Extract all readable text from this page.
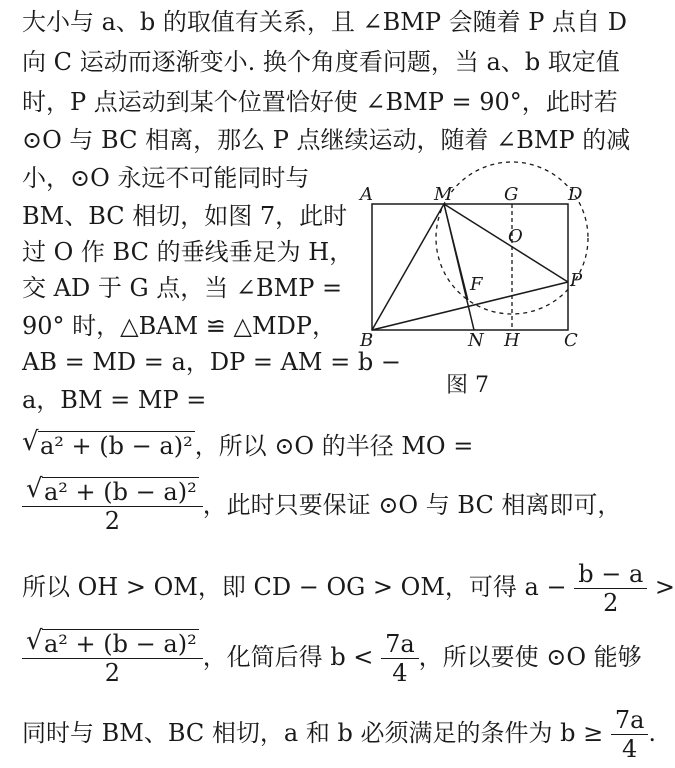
大小与 a、b 的取值有关系，且 ∠BMP 会随着 P 点自 D
向 C 运动而逐渐变小. 换个角度看问题，当 a、b 取定值
时，P 点运动到某个位置恰好使 ∠BMP = 90°，此时若
⊙O 与 BC 相离，那么 P 点继续运动，随着 ∠BMP 的减
小，⊙O 永远不可能同时与
BM、BC 相切，如图 7，此时
过 O 作 BC 的垂线垂足为 H，
交 AD 于 G 点，当 ∠BMP =
90° 时，△BAM ≌ △MDP，
AB = MD = a，DP = AM = b −
a，BM = MP =
√ a² + (b − a)²，所以 ⊙O 的半径 MO =
$\frac{\text{√ a² + (b − a)²}}{2}$ ，此时只要保证 ⊙O 与 BC 相离即可，
所以 OH > OM，即 CD − OG > OM，可得 $a - \frac{b - a}{2}$ >
$\frac{\text{√ a² + (b − a)²}}{2}$ ，化简后得 $b < \frac{7a}{4}$ ，所以要使 ⊙O 能够
同时与 BM、BC 相切，a 和 b 必须满足的条件为 $b \ge \frac{7a}{4}$ .
A	M	G	D
O
P
F
B	N H C
图 7
